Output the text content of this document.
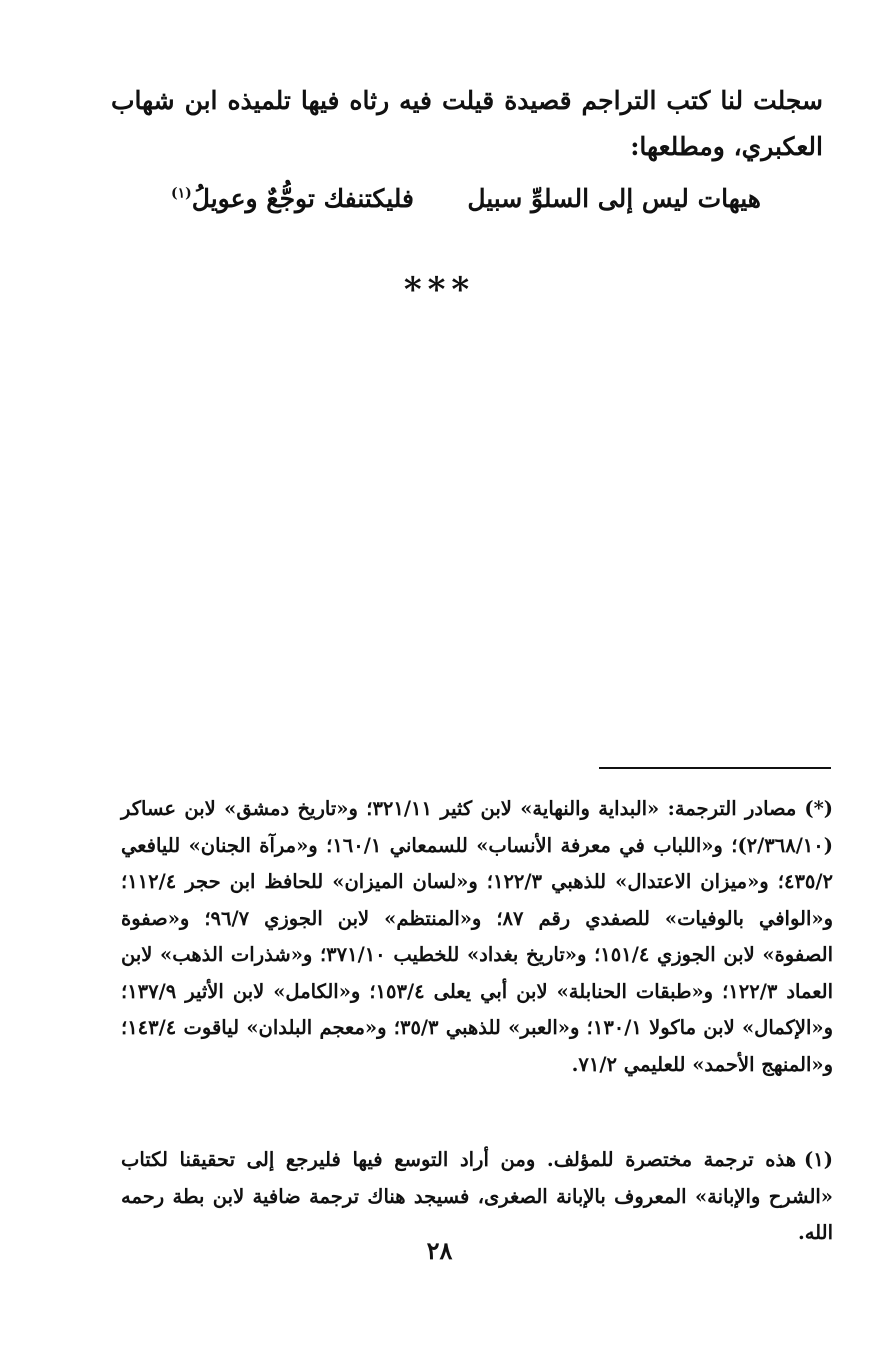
سجلت لنا كتب التراجم قصيدة قيلت فيه رثاه فيها تلميذه ابن شهاب العكبري، ومطلعها:

هيهات ليس إلى السلوِّ سبيل
فليكتنفك توجُّعٌ وعويلُ$^{(١)}$
***

(*)مصادر الترجمة: «البداية والنهاية» لابن كثير ٣٢١/١١؛ و«تاريخ دمشق» لابن عساكر (٢/٣٦٨/١٠)؛ و«اللباب في معرفة الأنساب» للسمعاني ١٦٠/١؛ و«مرآة الجنان» لليافعي ٤٣٥/٢؛ و«ميزان الاعتدال» للذهبي ١٢٢/٣؛ و«لسان الميزان» للحافظ ابن حجر ١١٢/٤؛ و«الوافي بالوفيات» للصفدي رقم ٨٧؛ و«المنتظم» لابن الجوزي ٩٦/٧؛ و«صفوة الصفوة» لابن الجوزي ١٥١/٤؛ و«تاريخ بغداد» للخطيب ٣٧١/١٠؛ و«شذرات الذهب» لابن العماد ١٢٢/٣؛ و«طبقات الحنابلة» لابن أبي يعلى ١٥٣/٤؛ و«الكامل» لابن الأثير ١٣٧/٩؛ و«الإكمال» لابن ماكولا ١٣٠/١؛ و«العبر» للذهبي ٣٥/٣؛ و«معجم البلدان» لياقوت ١٤٣/٤؛ و«المنهج الأحمد» للعليمي ٧١/٢.

(١)هذه ترجمة مختصرة للمؤلف. ومن أراد التوسع فيها فليرجع إلى تحقيقنا لكتاب «الشرح والإبانة» المعروف بالإبانة الصغرى، فسيجد هناك ترجمة ضافية لابن بطة رحمه الله.

٢٨
